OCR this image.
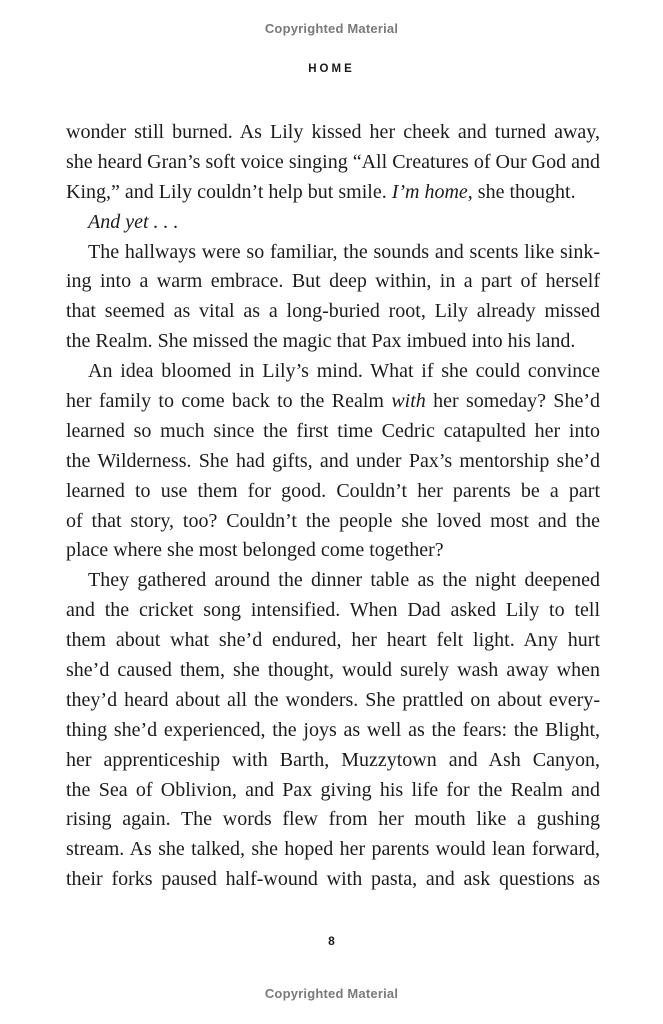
Copyrighted Material
HOME
wonder still burned. As Lily kissed her cheek and turned away,
she heard Gran’s soft voice singing “All Creatures of Our God and
King,” and Lily couldn’t help but smile. I’m home, she thought.
And yet . . .
The hallways were so familiar, the sounds and scents like sink-
ing into a warm embrace. But deep within, in a part of herself
that seemed as vital as a long-buried root, Lily already missed
the Realm. She missed the magic that Pax imbued into his land.
An idea bloomed in Lily’s mind. What if she could convince
her family to come back to the Realm with her someday? She’d
learned so much since the first time Cedric catapulted her into
the Wilderness. She had gifts, and under Pax’s mentorship she’d
learned to use them for good. Couldn’t her parents be a part
of that story, too? Couldn’t the people she loved most and the
place where she most belonged come together?
They gathered around the dinner table as the night deepened
and the cricket song intensified. When Dad asked Lily to tell
them about what she’d endured, her heart felt light. Any hurt
she’d caused them, she thought, would surely wash away when
they’d heard about all the wonders. She prattled on about every-
thing she’d experienced, the joys as well as the fears: the Blight,
her apprenticeship with Barth, Muzzytown and Ash Canyon,
the Sea of Oblivion, and Pax giving his life for the Realm and
rising again. The words flew from her mouth like a gushing
stream. As she talked, she hoped her parents would lean forward,
their forks paused half-wound with pasta, and ask questions as
8
Copyrighted Material
